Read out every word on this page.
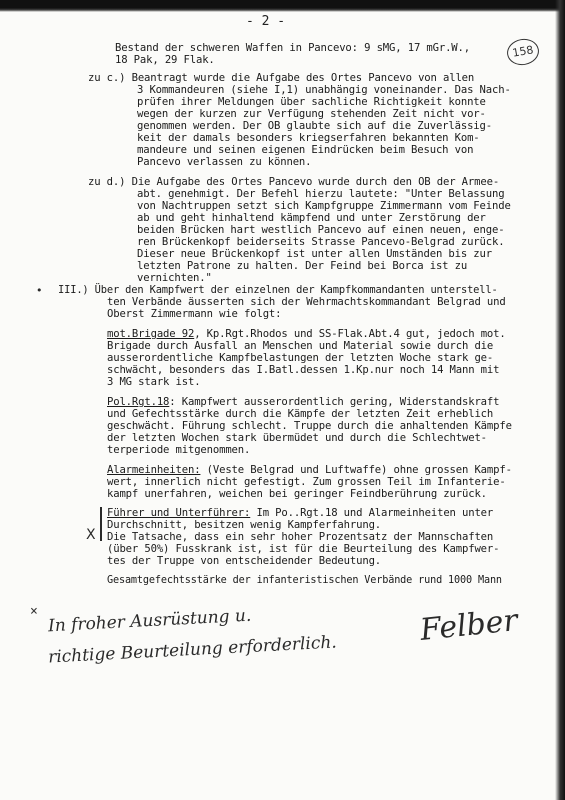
- 2 -
158
Bestand der schweren Waffen in Pancevo: 9 sMG, 17 mGr.W.,
18 Pak, 29 Flak.
zu c.) Beantragt wurde die Aufgabe des Ortes Pancevo von allen
3 Kommandeuren (siehe I,1) unabhängig voneinander. Das Nach-
prüfen ihrer Meldungen über sachliche Richtigkeit konnte
wegen der kurzen zur Verfügung stehenden Zeit nicht vor-
genommen werden. Der OB glaubte sich auf die Zuverlässig-
keit der damals besonders kriegserfahren bekannten Kom-
mandeure und seinen eigenen Eindrücken beim Besuch von
Pancevo verlassen zu können.
zu d.) Die Aufgabe des Ortes Pancevo wurde durch den OB der Armee-
abt. genehmigt. Der Befehl hierzu lautete: "Unter Belassung
von Nachtruppen setzt sich Kampfgruppe Zimmermann vom Feinde
ab und geht hinhaltend kämpfend und unter Zerstörung der
beiden Brücken hart westlich Pancevo auf einen neuen, enge-
ren Brückenkopf beiderseits Strasse Pancevo-Belgrad zurück.
Dieser neue Brückenkopf ist unter allen Umständen bis zur
letzten Patrone zu halten. Der Feind bei Borca ist zu
vernichten."
• III.) Über den Kampfwert der einzelnen der Kampfkommandanten unterstell-
ten Verbände äusserten sich der Wehrmachtskommandant Belgrad und
Oberst Zimmermann wie folgt:
mot.Brigade 92, Kp.Rgt.Rhodos und SS-Flak.Abt.4 gut, jedoch mot.
Brigade durch Ausfall an Menschen und Material sowie durch die
ausserordentliche Kampfbelastungen der letzten Woche stark ge-
schwächt, besonders das I.Batl.dessen 1.Kp.nur noch 14 Mann mit
3 MG stark ist.
Pol.Rgt.18: Kampfwert ausserordentlich gering, Widerstandskraft
und Gefechtsstärke durch die Kämpfe der letzten Zeit erheblich
geschwächt. Führung schlecht. Truppe durch die anhaltenden Kämpfe
der letzten Wochen stark übermüdet und durch die Schlechtwet-
terperiode mitgenommen.
Alarmeinheiten: (Veste Belgrad und Luftwaffe) ohne grossen Kampf-
wert, innerlich nicht gefestigt. Zum grossen Teil im Infanterie-
kampf unerfahren, weichen bei geringer Feindberührung zurück.
Führer und Unterführer: Im Po..Rgt.18 und Alarmeinheiten unter
Durchschnitt, besitzen wenig Kampferfahrung.
X Die Tatsache, dass ein sehr hoher Prozentsatz der Mannschaften
(über 50%) Fusskrank ist, ist für die Beurteilung des Kampfwer-
tes der Truppe von entscheidender Bedeutung.
Gesamtgefechtsstärke der infanteristischen Verbände rund 1000 Mann
× In froher Ausrüstung u.
richtige Beurteilung erforderlich.
Felber
